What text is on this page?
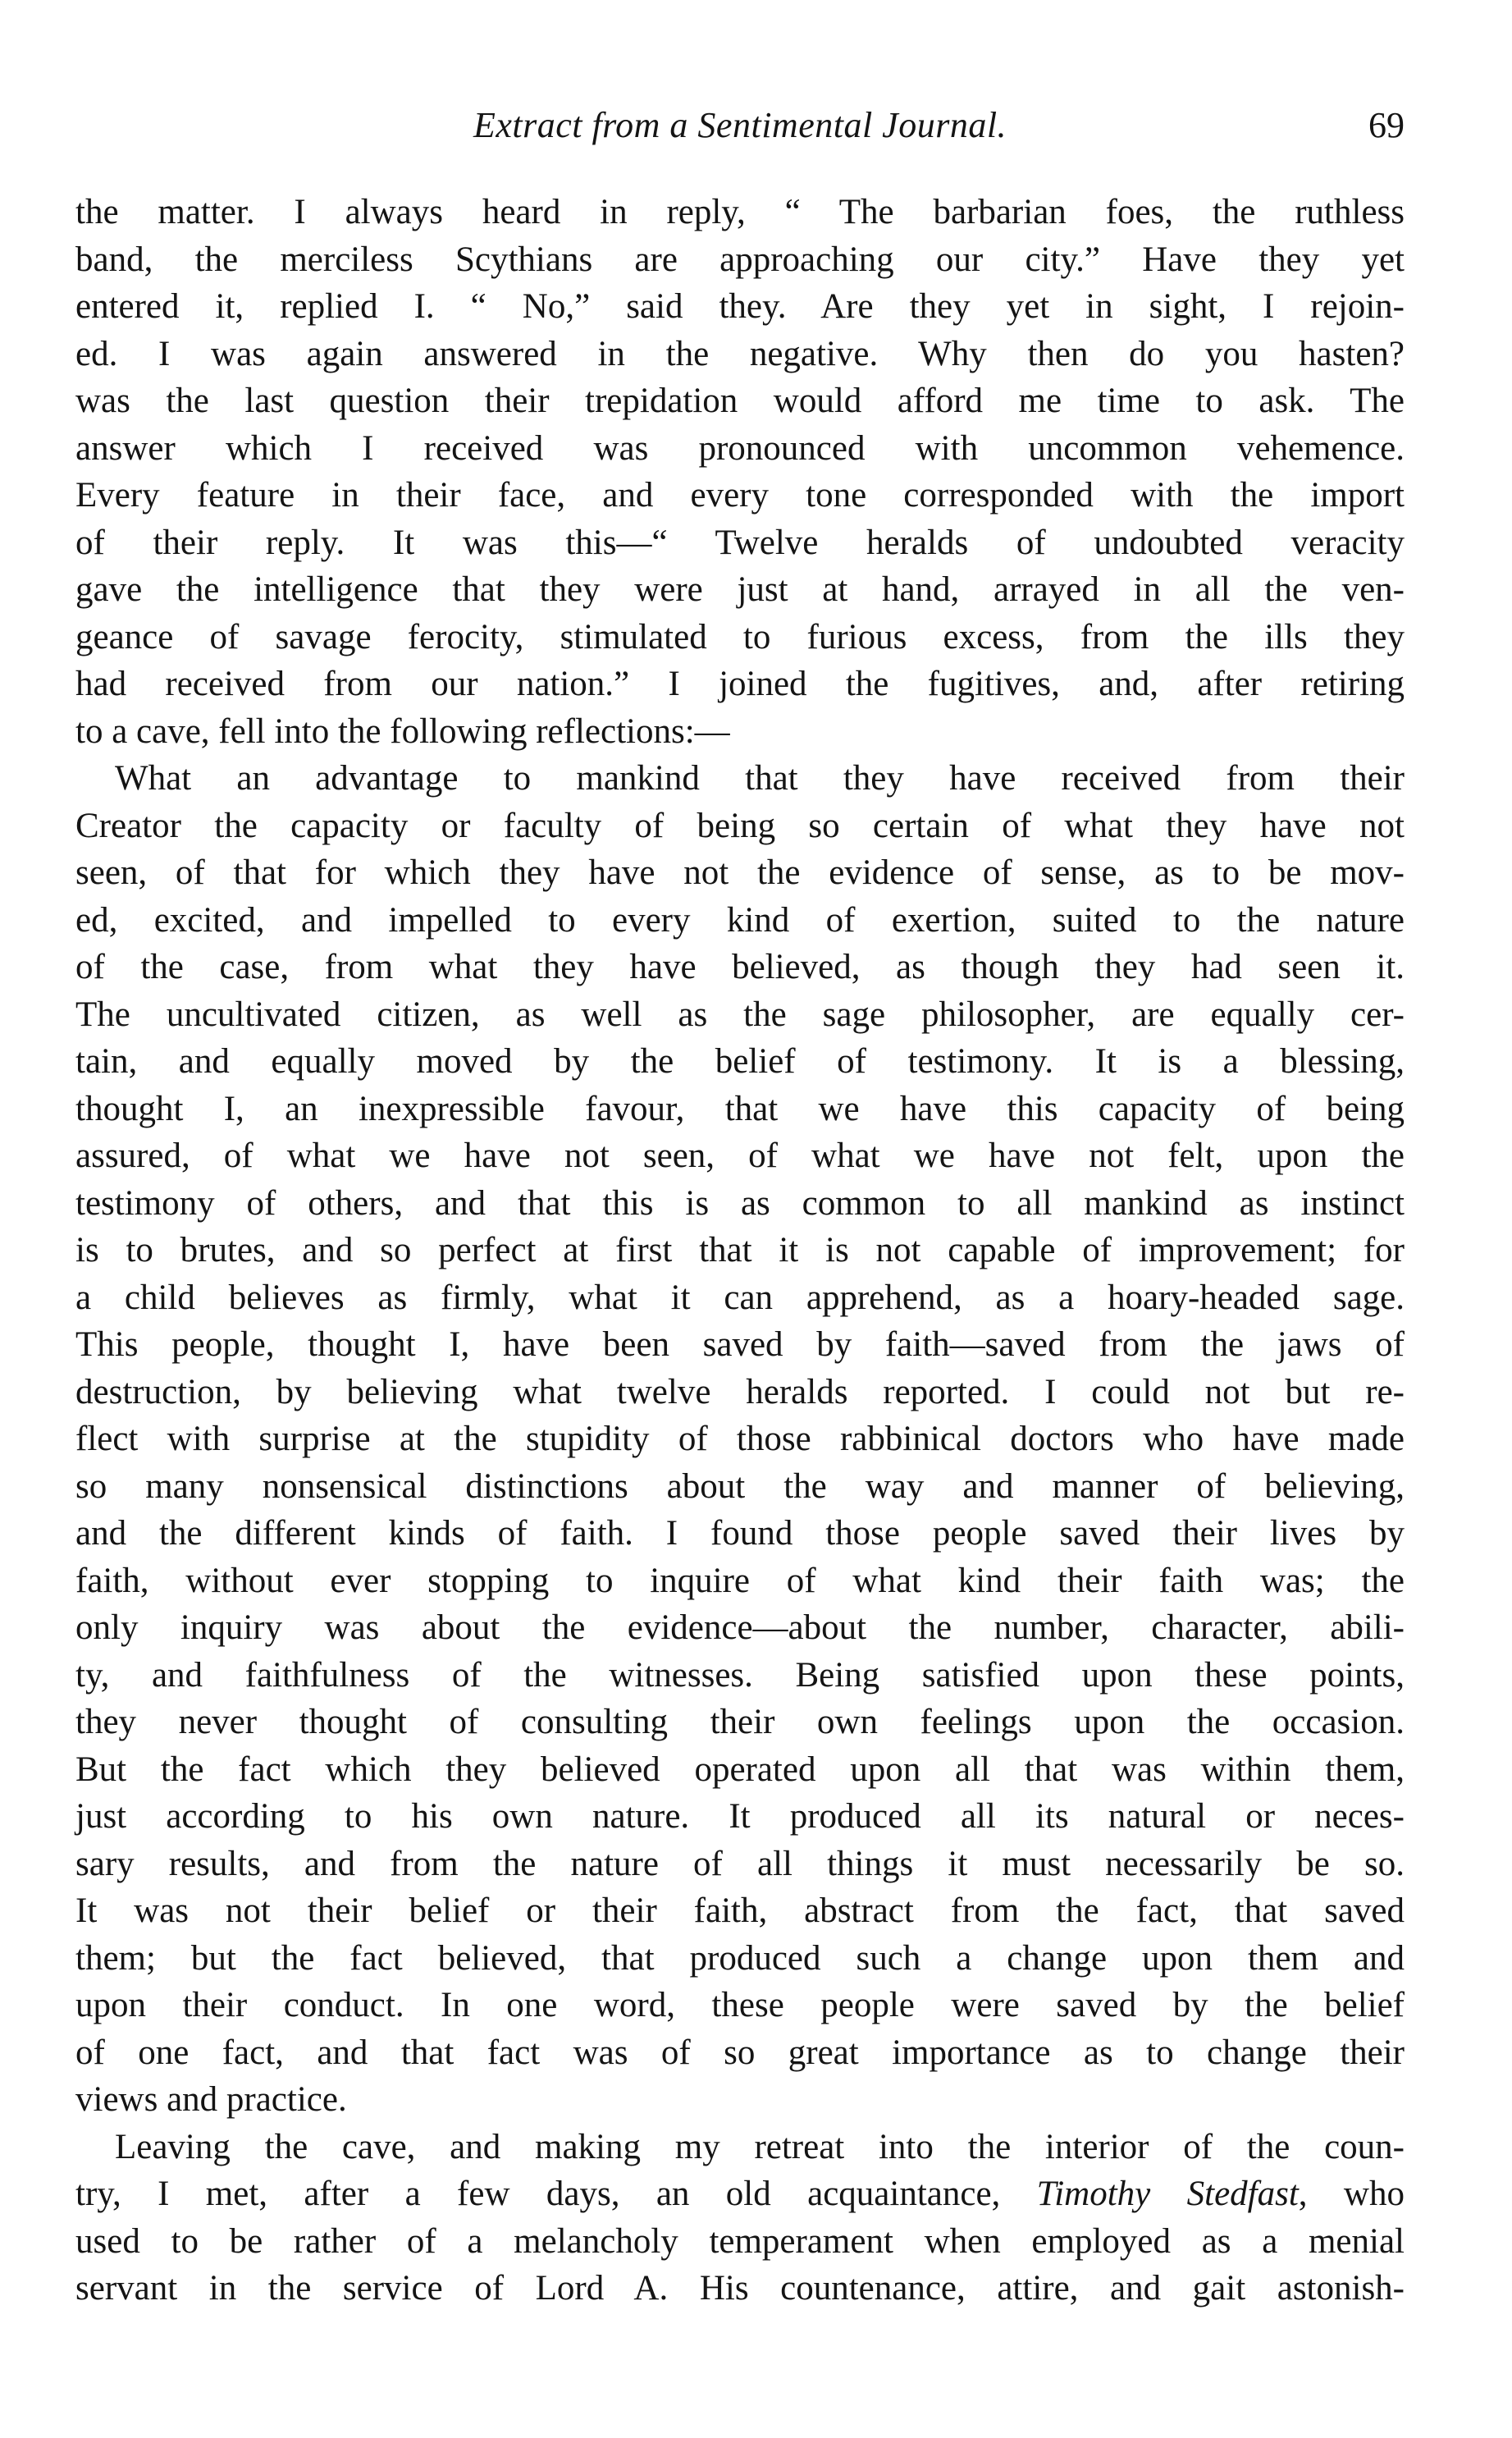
Extract from a Sentimental Journal.	69
the matter. I always heard in reply, “ The barbarian foes, the ruthless
band, the merciless Scythians are approaching our city.” Have they yet
entered it, replied I. “ No,” said they. Are they yet in sight, I rejoin-
ed. I was again answered in the negative. Why then do you hasten?
was the last question their trepidation would afford me time to ask. The
answer which I received was pronounced with uncommon vehemence.
Every feature in their face, and every tone corresponded with the import
of their reply. It was this—“ Twelve heralds of undoubted veracity
gave the intelligence that they were just at hand, arrayed in all the ven-
geance of savage ferocity, stimulated to furious excess, from the ills they
had received from our nation.” I joined the fugitives, and, after retiring
to a cave, fell into the following reflections:—
What an advantage to mankind that they have received from their
Creator the capacity or faculty of being so certain of what they have not
seen, of that for which they have not the evidence of sense, as to be mov-
ed, excited, and impelled to every kind of exertion, suited to the nature
of the case, from what they have believed, as though they had seen it.
The uncultivated citizen, as well as the sage philosopher, are equally cer-
tain, and equally moved by the belief of testimony. It is a blessing,
thought I, an inexpressible favour, that we have this capacity of being
assured, of what we have not seen, of what we have not felt, upon the
testimony of others, and that this is as common to all mankind as instinct
is to brutes, and so perfect at first that it is not capable of improvement; for
a child believes as firmly, what it can apprehend, as a hoary-headed sage.
This people, thought I, have been saved by faith—saved from the jaws of
destruction, by believing what twelve heralds reported. I could not but re-
flect with surprise at the stupidity of those rabbinical doctors who have made
so many nonsensical distinctions about the way and manner of believing,
and the different kinds of faith. I found those people saved their lives by
faith, without ever stopping to inquire of what kind their faith was; the
only inquiry was about the evidence—about the number, character, abili-
ty, and faithfulness of the witnesses. Being satisfied upon these points,
they never thought of consulting their own feelings upon the occasion.
But the fact which they believed operated upon all that was within them,
just according to his own nature. It produced all its natural or neces-
sary results, and from the nature of all things it must necessarily be so.
It was not their belief or their faith, abstract from the fact, that saved
them; but the fact believed, that produced such a change upon them and
upon their conduct. In one word, these people were saved by the belief
of one fact, and that fact was of so great importance as to change their
views and practice.
Leaving the cave, and making my retreat into the interior of the coun-
try, I met, after a few days, an old acquaintance, Timothy Stedfast, who
used to be rather of a melancholy temperament when employed as a menial
servant in the service of Lord A. His countenance, attire, and gait astonish-
